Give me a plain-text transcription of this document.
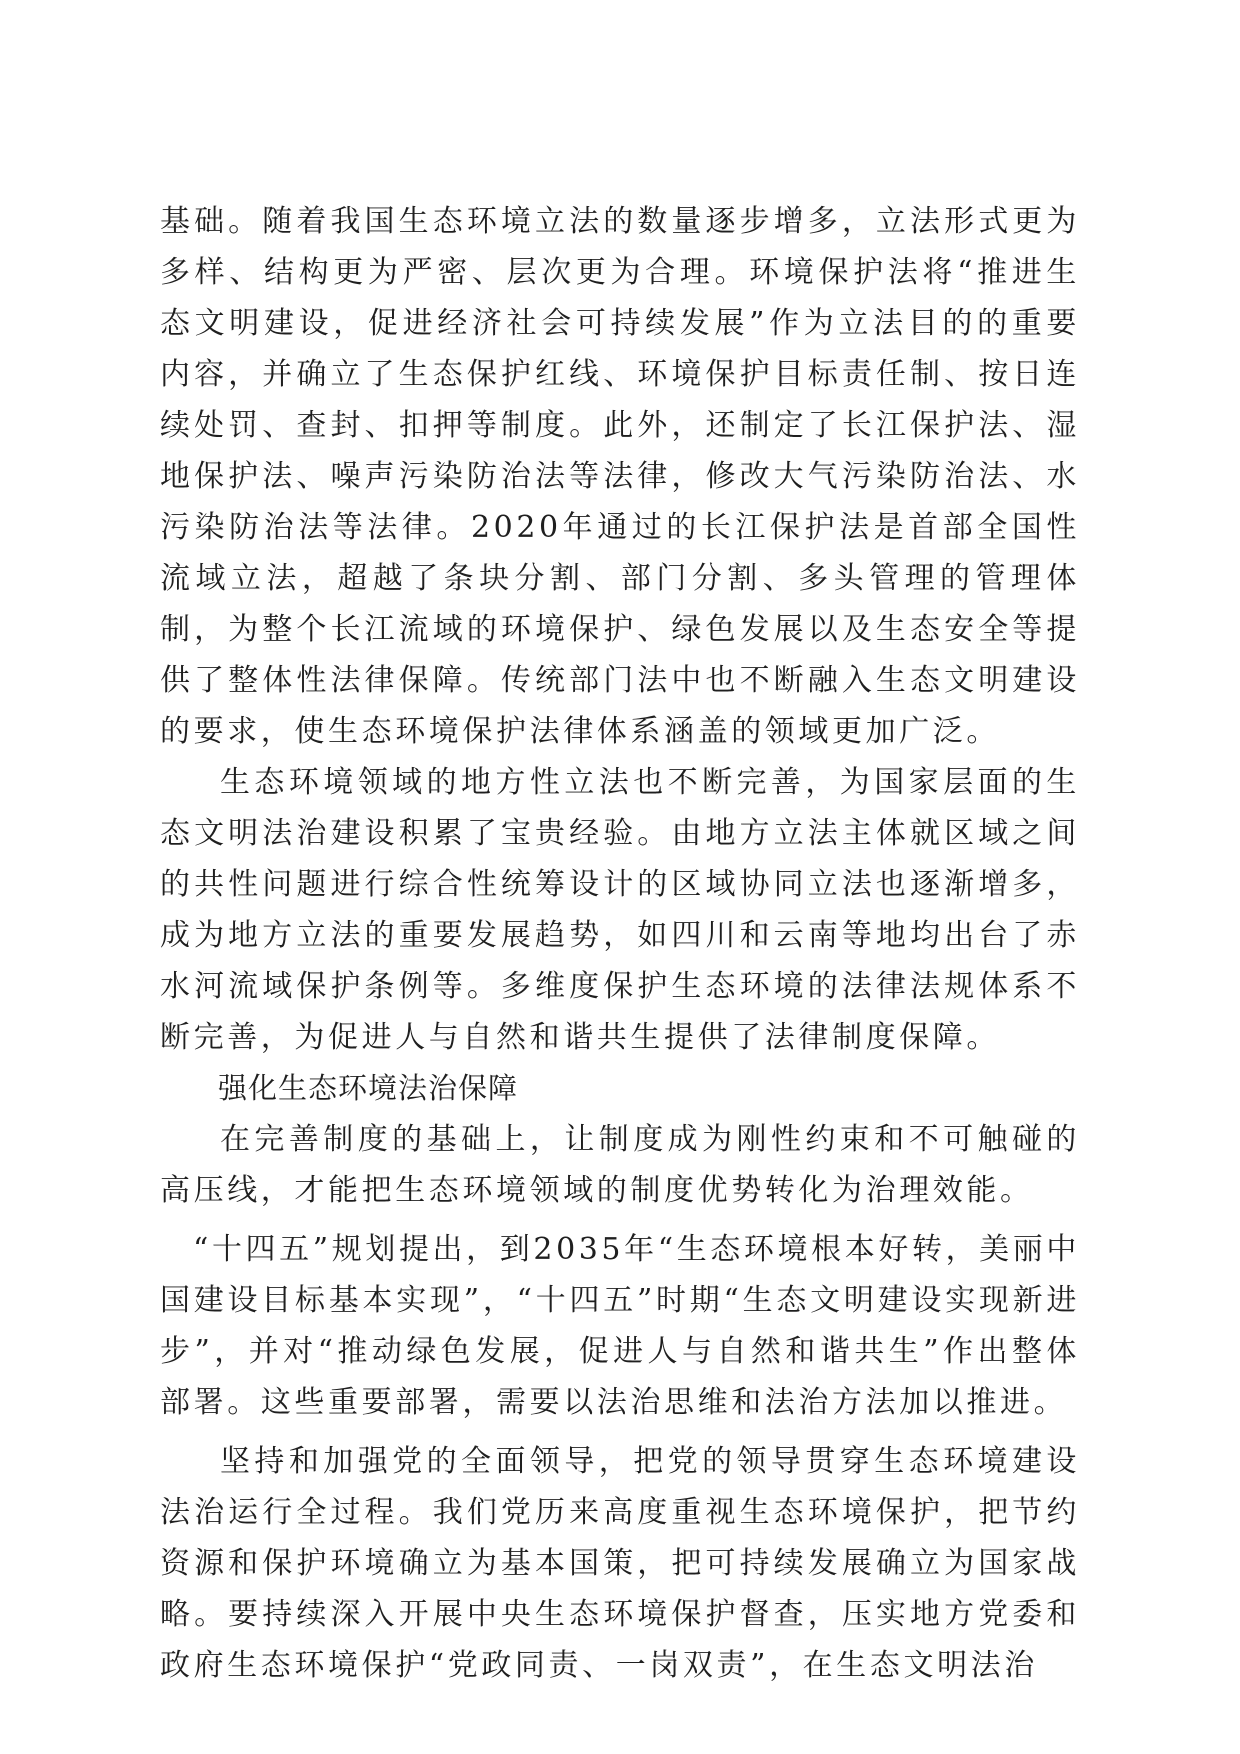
基础。随着我国生态环境立法的数量逐步增多，立法形式更为多样、结构更为严密、层次更为合理。环境保护法将“推进生态文明建设，促进经济社会可持续发展”作为立法目的的重要内容，并确立了生态保护红线、环境保护目标责任制、按日连续处罚、查封、扣押等制度。此外，还制定了长江保护法、湿地保护法、噪声污染防治法等法律，修改大气污染防治法、水污染防治法等法律。2020年通过的长江保护法是首部全国性流域立法，超越了条块分割、部门分割、多头管理的管理体制，为整个长江流域的环境保护、绿色发展以及生态安全等提供了整体性法律保障。传统部门法中也不断融入生态文明建设的要求，使生态环境保护法律体系涵盖的领域更加广泛。

生态环境领域的地方性立法也不断完善，为国家层面的生态文明法治建设积累了宝贵经验。由地方立法主体就区域之间的共性问题进行综合性统筹设计的区域协同立法也逐渐增多，成为地方立法的重要发展趋势，如四川和云南等地均出台了赤水河流域保护条例等。多维度保护生态环境的法律法规体系不断完善，为促进人与自然和谐共生提供了法律制度保障。

强化生态环境法治保障

在完善制度的基础上，让制度成为刚性约束和不可触碰的高压线，才能把生态环境领域的制度优势转化为治理效能。

“十四五”规划提出，到2035年“生态环境根本好转，美丽中国建设目标基本实现”，“十四五”时期“生态文明建设实现新进步”，并对“推动绿色发展，促进人与自然和谐共生”作出整体部署。这些重要部署，需要以法治思维和法治方法加以推进。

坚持和加强党的全面领导，把党的领导贯穿生态环境建设法治运行全过程。我们党历来高度重视生态环境保护，把节约资源和保护环境确立为基本国策，把可持续发展确立为国家战略。要持续深入开展中央生态环境保护督查，压实地方党委和政府生态环境保护“党政同责、一岗双责”，在生态文明法治
